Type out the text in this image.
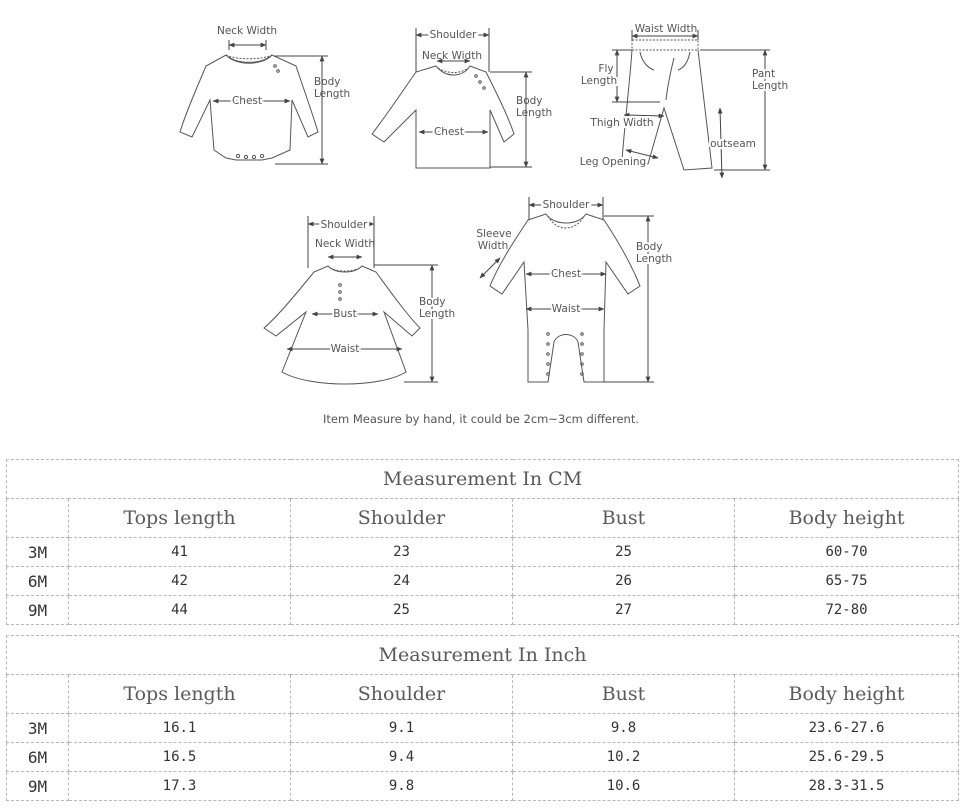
Neck Width
Chest
Body
Length
Shoulder
Neck Width
Chest
Body
Length
Waist Width
Fly
Length
Pant
Length
Thigh Width
outseam
Leg Opening
Shoulder
Neck Width
Bust
Waist
Body
Length
Shoulder
Sleeve
Width
Chest
Waist
Body
Length
Item Measure by hand, it could be 2cm~3cm different.
Measurement In CM				
	Tops length	Shoulder	Bust	Body height
3M	41	23	25	60-70
6M	42	24	26	65-75
9M	44	25	27	72-80
Measurement In Inch				
	Tops length	Shoulder	Bust	Body height
3M	16.1	9.1	9.8	23.6-27.6
6M	16.5	9.4	10.2	25.6-29.5
9M	17.3	9.8	10.6	28.3-31.5
